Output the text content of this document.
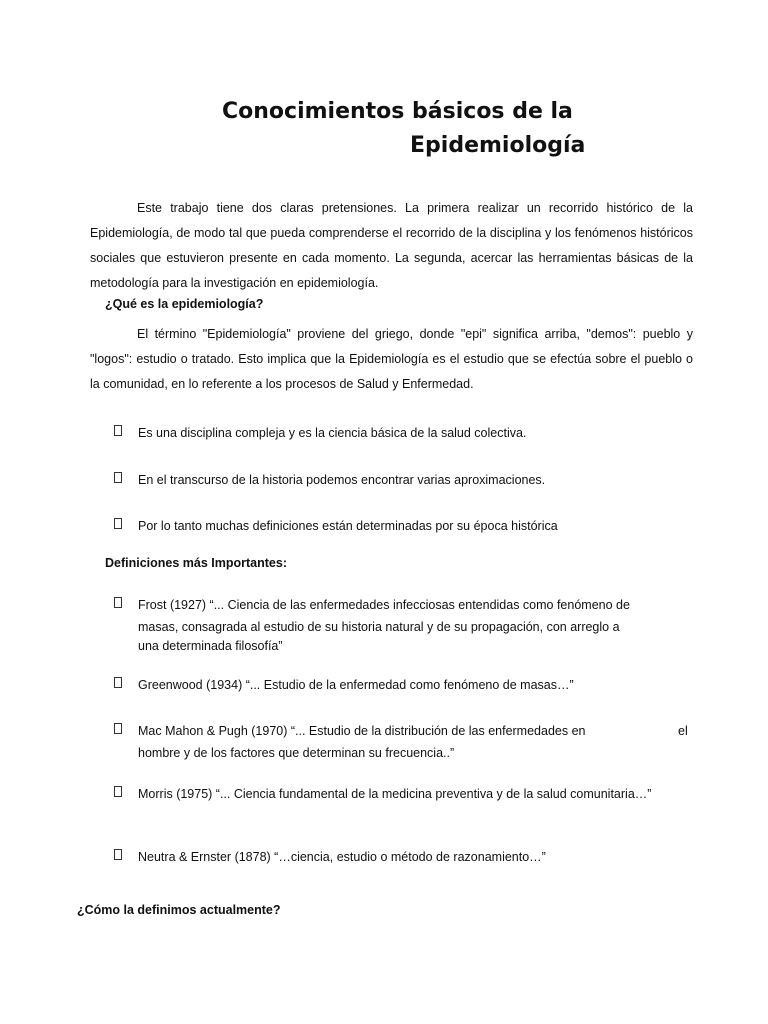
Conocimientos básicos de la
Epidemiología

Este trabajo tiene dos claras pretensiones. La primera realizar un recorrido histórico de la Epidemiología, de modo tal que pueda comprenderse el recorrido de la disciplina y los fenómenos históricos sociales que estuvieron presente en cada momento. La segunda, acercar las herramientas básicas de la metodología para la investigación en epidemiología.

¿Qué es la epidemiología?

El término "Epidemiología" proviene del griego, donde "epi" significa arriba, "demos": pueblo y "logos": estudio o tratado. Esto implica que la Epidemiología es el estudio que se efectúa sobre el pueblo o la comunidad, en lo referente a los procesos de Salud y Enfermedad.

Es una disciplina compleja y es la ciencia básica de la salud colectiva.

En el transcurso de la historia podemos encontrar varias aproximaciones.

Por lo tanto muchas definiciones están determinadas por su época histórica

Definiciones más Importantes:

Frost (1927) “... Ciencia de las enfermedades infecciosas entendidas como fenómeno de
masas, consagrada al estudio de su historia natural y de su propagación, con arreglo a
una determinada filosofía”

Greenwood (1934) “... Estudio de la enfermedad como fenómeno de masas…”

Mac Mahon & Pugh (1970) “... Estudio de la distribución de las enfermedades en
hombre y de los factores que determinan su frecuencia..”

el

Morris (1975) “... Ciencia fundamental de la medicina preventiva y de la salud comunitaria…”

Neutra & Ernster (1878) “…ciencia, estudio o método de razonamiento…”

¿Cómo la definimos actualmente?
